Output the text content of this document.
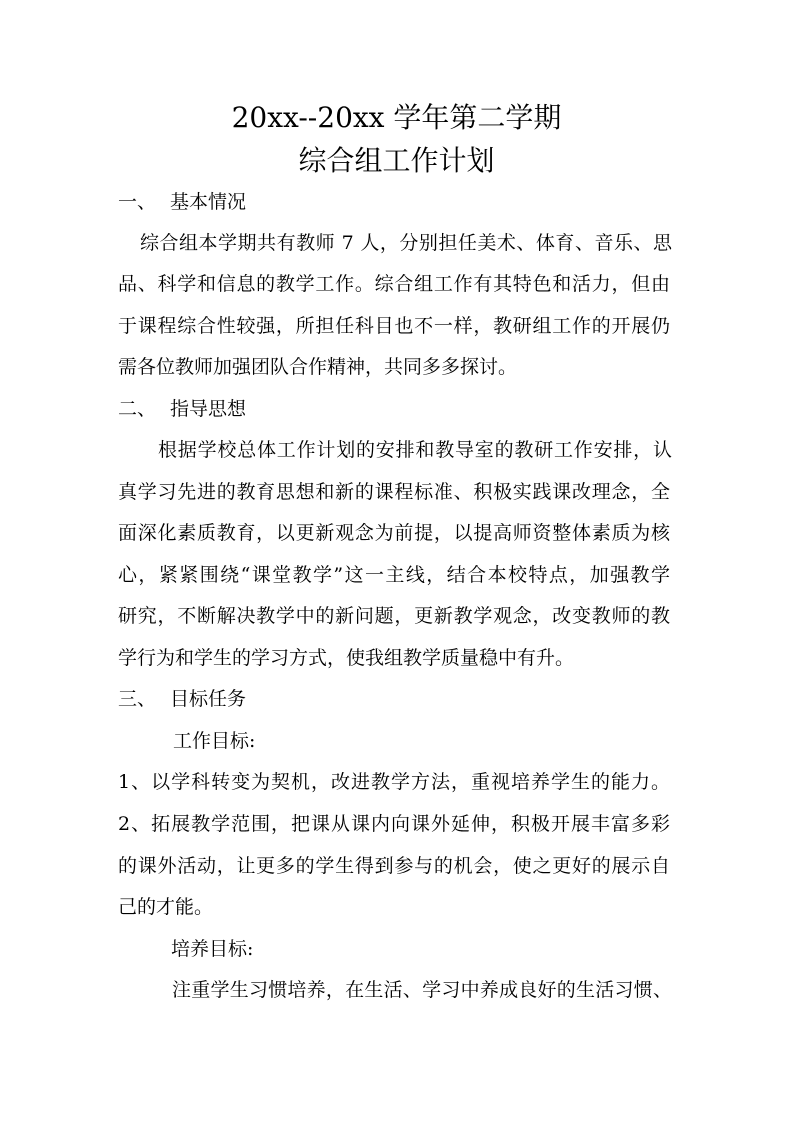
20xx--20xx 学年第二学期
综合组工作计划
一、 基本情况
综合组本学期共有教师 7 人，分别担任美术、体育、音乐、思
品、科学和信息的教学工作。综合组工作有其特色和活力，但由
于课程综合性较强，所担任科目也不一样，教研组工作的开展仍
需各位教师加强团队合作精神，共同多多探讨。
二、 指导思想
根据学校总体工作计划的安排和教导室的教研工作安排，认
真学习先进的教育思想和新的课程标准、积极实践课改理念，全
面深化素质教育，以更新观念为前提，以提高师资整体素质为核
心，紧紧围绕“课堂教学”这一主线，结合本校特点，加强教学
研究，不断解决教学中的新问题，更新教学观念，改变教师的教
学行为和学生的学习方式，使我组教学质量稳中有升。
三、 目标任务
工作目标:
1、以学科转变为契机，改进教学方法，重视培养学生的能力。
2、拓展教学范围，把课从课内向课外延伸，积极开展丰富多彩
的课外活动，让更多的学生得到参与的机会，使之更好的展示自
己的才能。
培养目标:
注重学生习惯培养，在生活、学习中养成良好的生活习惯、
